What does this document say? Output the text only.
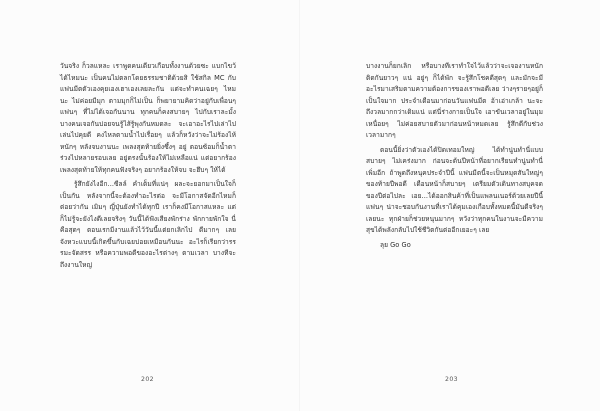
วันจริง ก็วลแหละ เราพูดคนเดียวเกือบทั้งงานด้วยซะ แบกไขว้ได้ไหมนะ เป็นคนไม่ตลกโดยธรรมชาติด้วยสิ ใช้สกิล MC กับแฟนมีตตัวเองคุยเองเฮาเองเลยละกัน แต่จะทำคนเฉยๆ ไหมนะ ไม่ค่อยมีมุก ตามมุกก็ไม่เป็น ก็พยายามคิดว่าอยู่กับเพื่อนๆ แฟนๆ ที่ไม่ได้เจอกันนาน ทุกคนก็คงสบายๆ ไปกับเราละมั้ง บางคนเจอกันบ่อยจนรู้ไส้รู้พุงกันหมดละ จะเอาอะไรไปเล่าไปเล่นไปคุยดี คงไหลตามน้ำไปเรื่อยๆ แล้วก็หวังว่าจะไม่ร้องไห้หนักๆ หลังจบงานนะ เพลงสุดท้ายยิ่งซึ้งๆ อยู่ ตอนซ้อมก็น้ำตาร่วงไปหลายรอบเลย อยู่ตรงนั้นร้องให้ไม่เหลือแน่ แต่อยากร้องเพลงสุดท้ายให้ทุกคนฟังจริงๆ อยากร้องให้จบ จะฮึบๆ ให้ได้

รู้สึกยังไงอีก...ซีลล์ คำเต็มที่แน่ๆ ผละจะยอกมาเป็นใจก็เป็นกัน หลังจากนี้จะต้องทำอะไรต่อ จะมีโอกาสจัดอีกไหมก็ต่อยว่ากัน เมิมๆ ญี่ปุ่นยังทำได้ทุกปี เราก็คงมีโอกาสแหละ แต่ก็ไม่รู้จะยังไงดีเลยจริงๆ วันนี้ได้ฟังเสียงพักร่าง พักกายพักใจ นี่คือสุดๆ ตอนเรกมีงานแล้วไว้วันนี้แต่ยกเลิกไป ดีมากๆ เลยจังหวะแบบนี้เกิดขึ้นกับเฉยบ่อยเหมือนกันนะ อะไรก็เรียกว่ารรรมะจัดสรร หรือความพอดีของอะไรต่างๆ ตามเวลา บางทีจะถึงงานใหญ่

202

บางงานก็ยกเลิก หรือบางทีเราทำใจไว้แล้วว่าจะเจองานหนักติดกันยาวๆ แน่ อยู่ๆ ก็ได้พัก จะรู้สึกโชคดีสุดๆ และมักจะมีอะไรมาเสริมตามความต้องการของเราพอดีเลย ว่างๆรายๆอยู่ก็เป็นใจมาก ประจำเดือนมาก่อนวันแฟนมีต อ้าเอ่าเกล้า นะจะถึงวลมากกว่าเดิมแน่ แต่นี่ร่างกายเป็นใจ เอาขันเวลาอยู่ในมุมเหนื่อยๆ ไม่ค่อยสบายตัวมาก่อนหน้าหมดเลย รู้สึกดีกับช่วงเวลามากๆ

ตอนนี้ยิ่งว่าตัวเองได้ปิดเทอมใหญ่ ได้ทำนู่นทำนี่แบบสบายๆ ไม่เคร่งมาก ก่อนจะต้นปีหน้าที่อยากเรียนทำนู่นทำนี่เพิ่มอีก ถ้าพูดถึงหนุคประจำปีนี้ แฟนมีตนี้จะเป็นหมุดสันใหญ่ๆ ของท้ายปีพอดี เดือนหน้าก็สบายๆ เตรียมตัวเดินทางสบุคจดของปีต่อไปละ เอย...ได้ออกสินค้าที่เป็นแพลนเนอร์ด้วยเลยปีนี้ แฟนๆ น่าจะชอบกันงานที่เราได้คุมเองเกือบทั้งหมดนี้มันดีจริงๆ เลยนะ ทุกฝ่ายก็ช่วยหนุนมากๆ หวังว่าทุกคนในงานจะมีความสุขได้พลังกลับไปใช้ชีวิตกันต่ออีกเยอะๆ เลย

ลุย Go Go

203
